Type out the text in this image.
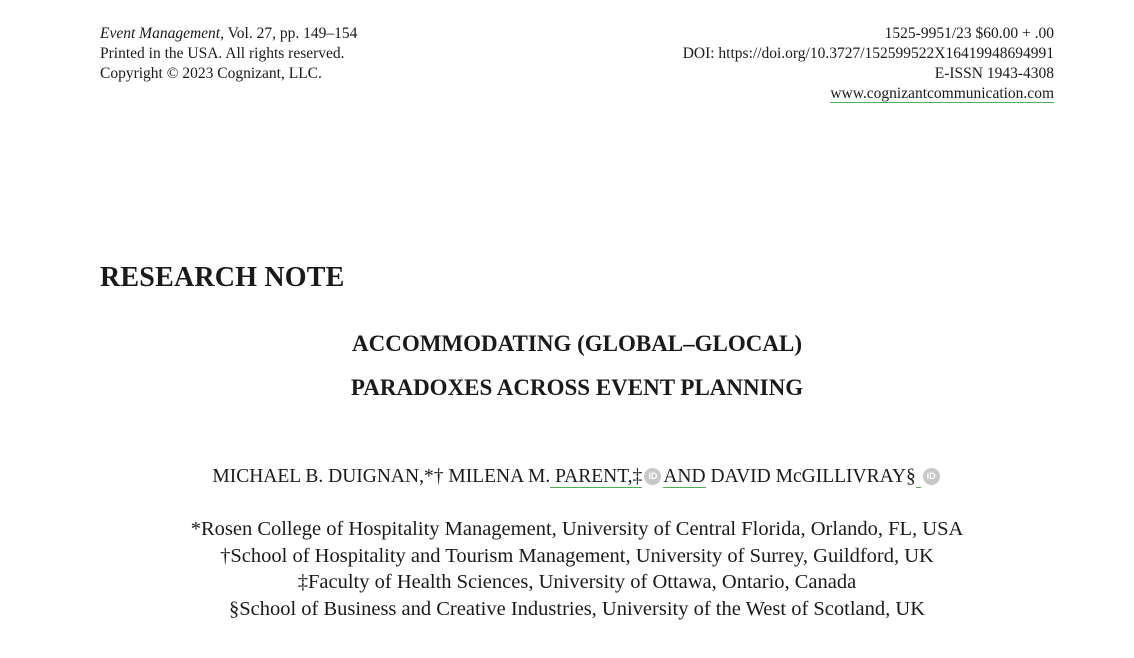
Event Management, Vol. 27, pp. 149–154
Printed in the USA. All rights reserved.
Copyright © 2023 Cognizant, LLC.
1525-9951/23 $60.00 + .00
DOI: https://doi.org/10.3727/152599522X16419948694991
E-ISSN 1943-4308
www.cognizantcommunication.com
RESEARCH NOTE
ACCOMMODATING (GLOBAL–GLOCAL)
PARADOXES ACROSS EVENT PLANNING
MICHAEL B. DUIGNAN,*† MILENA M. PARENT,‡ iD AND DAVID McGILLIVRAY§ iD
*Rosen College of Hospitality Management, University of Central Florida, Orlando, FL, USA
†School of Hospitality and Tourism Management, University of Surrey, Guildford, UK
‡Faculty of Health Sciences, University of Ottawa, Ontario, Canada
§School of Business and Creative Industries, University of the West of Scotland, UK
